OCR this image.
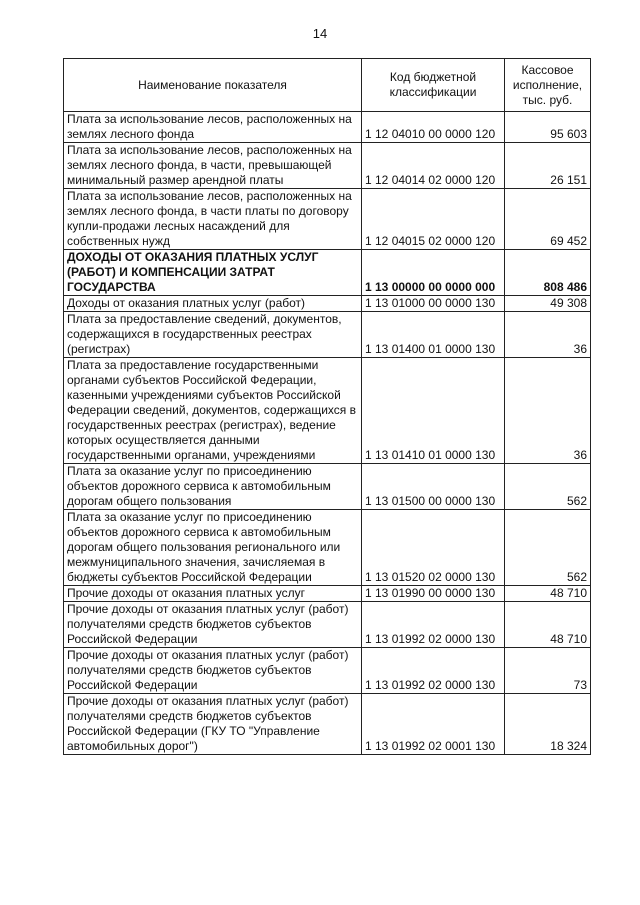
14
Наименование показателя	Код бюджетной классификации	Кассовое исполнение, тыс. руб.
Плата за использование лесов, расположенных на землях лесного фонда	1 12 04010 00 0000 120	95 603
Плата за использование лесов, расположенных на землях лесного фонда, в части, превышающей минимальный размер арендной платы	1 12 04014 02 0000 120	26 151
Плата за использование лесов, расположенных на землях лесного фонда, в части платы по договору купли-продажи лесных насаждений для собственных нужд	1 12 04015 02 0000 120	69 452
ДОХОДЫ ОТ ОКАЗАНИЯ ПЛАТНЫХ УСЛУГ (РАБОТ) И КОМПЕНСАЦИИ ЗАТРАТ ГОСУДАРСТВА	1 13 00000 00 0000 000	808 486
Доходы от оказания платных услуг (работ)	1 13 01000 00 0000 130	49 308
Плата за предоставление сведений, документов, содержащихся в государственных реестрах (регистрах)	1 13 01400 01 0000 130	36
Плата за предоставление государственными органами субъектов Российской Федерации, казенными учреждениями субъектов Российской Федерации сведений, документов, содержащихся в государственных реестрах (регистрах), ведение которых осуществляется данными государственными органами, учреждениями	1 13 01410 01 0000 130	36
Плата за оказание услуг по присоединению объектов дорожного сервиса к автомобильным дорогам общего пользования	1 13 01500 00 0000 130	562
Плата за оказание услуг по присоединению объектов дорожного сервиса к автомобильным дорогам общего пользования регионального или межмуниципального значения, зачисляемая в бюджеты субъектов Российской Федерации	1 13 01520 02 0000 130	562
Прочие доходы от оказания платных услуг	1 13 01990 00 0000 130	48 710
Прочие доходы от оказания платных услуг (работ) получателями средств бюджетов субъектов Российской Федерации	1 13 01992 02 0000 130	48 710
Прочие доходы от оказания платных услуг (работ) получателями средств бюджетов субъектов Российской Федерации	1 13 01992 02 0000 130	73
Прочие доходы от оказания платных услуг (работ) получателями средств бюджетов субъектов Российской Федерации (ГКУ ТО "Управление автомобильных дорог")	1 13 01992 02 0001 130	18 324
